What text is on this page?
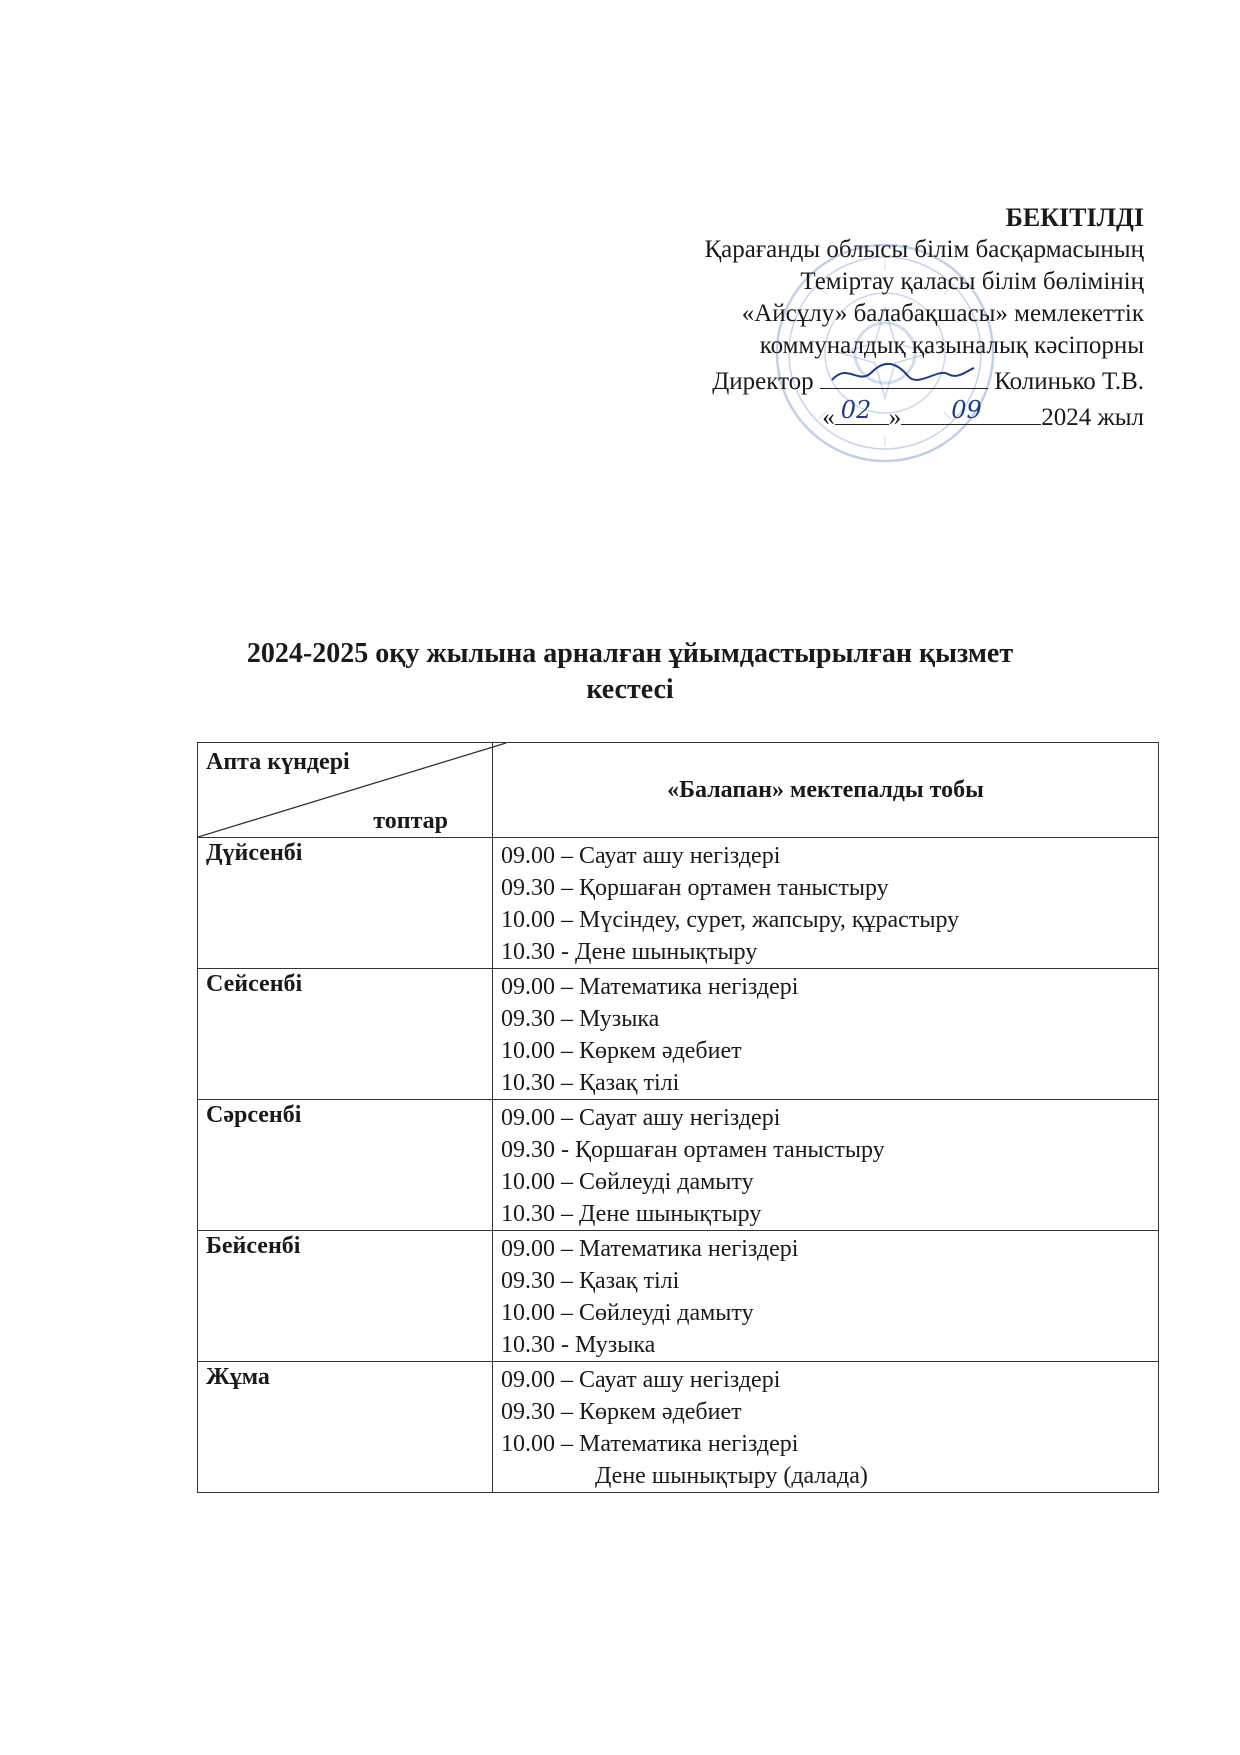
БЕКІТІЛДІ
Қарағанды облысы білім басқармасының
Теміртау қаласы білім бөлімінің
«Айсұлу» балабақшасы» мемлекеттік
коммуналдық қазыналық кәсіпорны
Директор	Колинько Т.В.
« 02 » 09 2024 жыл
2024-2025 оқу жылына арналған ұйымдастырылған қызмет
кестесі
Апта күндері
топтар	«Балапан» мектепалды тобы
Дүйсенбі	09.00 – Сауат ашу негіздері
09.30 – Қоршаған ортамен таныстыру
10.00 – Мүсіндеу, сурет, жапсыру, құрастыру
10.30 - Дене шынықтыру

Сейсенбі	09.00 – Математика негіздері
09.30 – Музыка
10.00 – Көркем әдебиет
10.30 – Қазақ тілі

Сәрсенбі	09.00 – Сауат ашу негіздері
09.30 - Қоршаған ортамен таныстыру
10.00 – Сөйлеуді дамыту
10.30 – Дене шынықтыру

Бейсенбі	09.00 – Математика негіздері
09.30 – Қазақ тілі
10.00 – Сөйлеуді дамыту
10.30 - Музыка

Жұма	09.00 – Сауат ашу негіздері
09.30 – Көркем әдебиет
10.00 – Математика негіздері
Дене шынықтыру (далада)
